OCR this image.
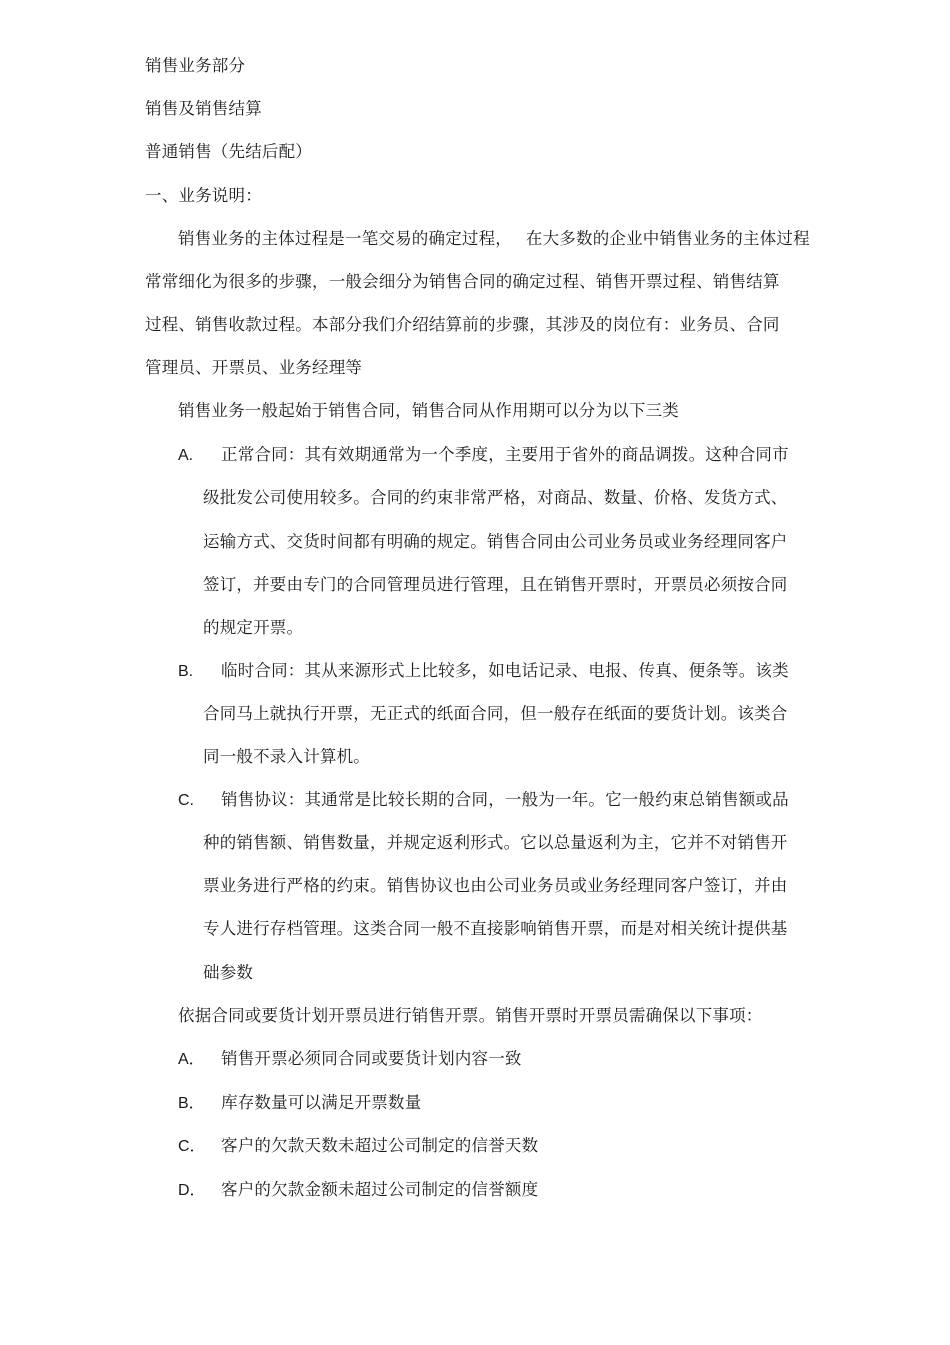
销售业务部分
销售及销售结算
普通销售（先结后配）
一、业务说明：
销售业务的主体过程是一笔交易的确定过程，　 在大多数的企业中销售业务的主体过程
常常细化为很多的步骤，一般会细分为销售合同的确定过程、销售开票过程、销售结算
过程、销售收款过程。本部分我们介绍结算前的步骤，其涉及的岗位有：业务员、合同
管理员、开票员、业务经理等
销售业务一般起始于销售合同，销售合同从作用期可以分为以下三类
A. 正常合同：其有效期通常为一个季度，主要用于省外的商品调拨。这种合同市
级批发公司使用较多。合同的约束非常严格，对商品、数量、价格、发货方式、
运输方式、交货时间都有明确的规定。销售合同由公司业务员或业务经理同客户
签订，并要由专门的合同管理员进行管理，且在销售开票时，开票员必须按合同
的规定开票。
B. 临时合同：其从来源形式上比较多，如电话记录、电报、传真、便条等。该类
合同马上就执行开票，无正式的纸面合同，但一般存在纸面的要货计划。该类合
同一般不录入计算机。
C. 销售协议：其通常是比较长期的合同，一般为一年。它一般约束总销售额或品
种的销售额、销售数量，并规定返利形式。它以总量返利为主，它并不对销售开
票业务进行严格的约束。销售协议也由公司业务员或业务经理同客户签订，并由
专人进行存档管理。这类合同一般不直接影响销售开票，而是对相关统计提供基
础参数
依据合同或要货计划开票员进行销售开票。销售开票时开票员需确保以下事项：
A． 销售开票必须同合同或要货计划内容一致
B． 库存数量可以满足开票数量
C． 客户的欠款天数未超过公司制定的信誉天数
D． 客户的欠款金额未超过公司制定的信誉额度
